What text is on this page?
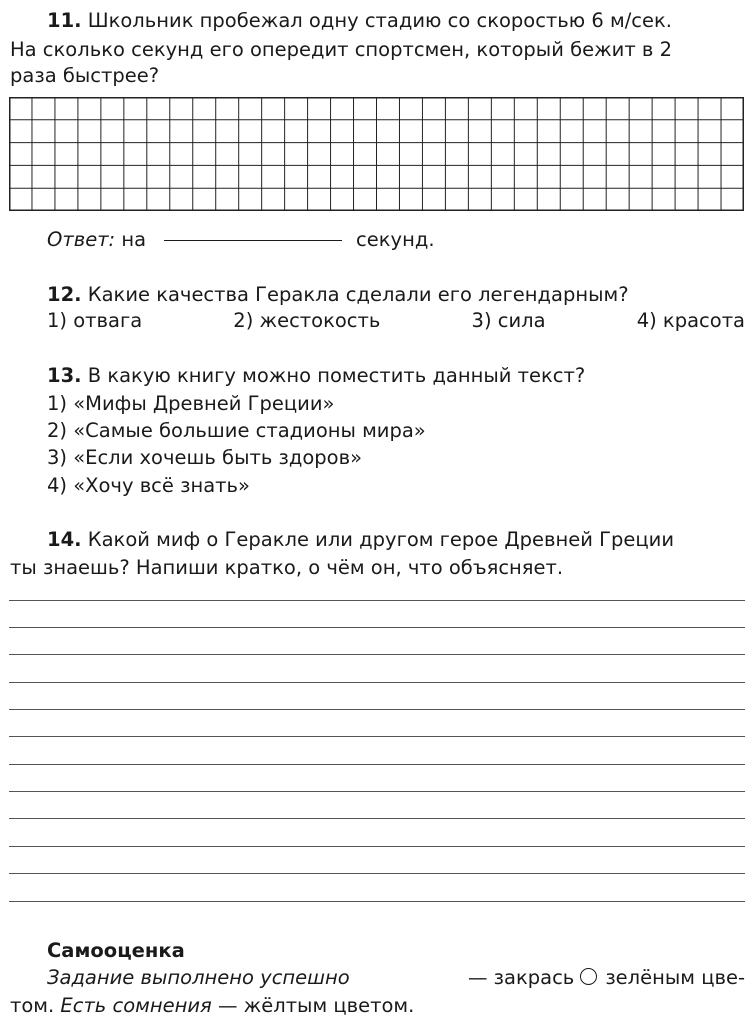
11. Школьник пробежал одну стадию со скоростью 6 м/сек.
На сколько секунд его опередит спортсмен, который бежит в 2
раза быстрее?
Ответ: на	секунд.
12. Какие качества Геракла сделали его легендарным?
1) отвага	2) жестокость	3) сила	4) красота
13. В какую книгу можно поместить данный текст?
1) «Мифы Древней Греции»
2) «Самые большие стадионы мира»
3) «Если хочешь быть здоров»
4) «Хочу всё знать»
14. Какой миф о Геракле или другом герое Древней Греции
ты знаешь? Напиши кратко, о чём он, что объясняет.
Самооценка
Задание выполнено успешно	— закрась зелёным цве-
том. Есть сомнения — жёлтым цветом.
